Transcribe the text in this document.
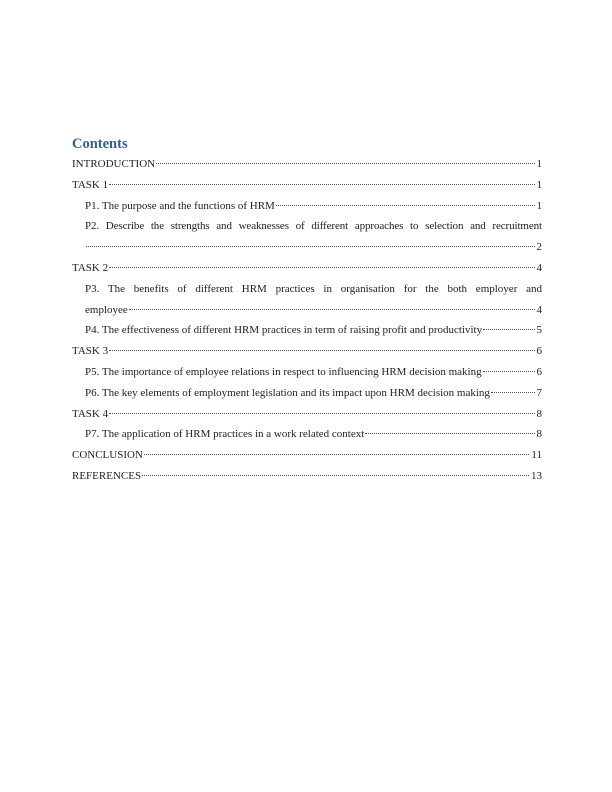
Contents
INTRODUCTION	1
TASK 1	1
P1. The purpose and the functions of HRM	1
P2. Describe the strengths and weaknesses of different approaches to selection and recruitment
2
TASK 2	4
P3. The benefits of different HRM practices in organisation for the both employer and
employee	4
P4. The effectiveness of different HRM practices in term of raising profit and productivity	5
TASK 3	6
P5. The importance of employee relations in respect to influencing HRM decision making	6
P6. The key elements of employment legislation and its impact upon HRM decision making	7
TASK 4	8
P7. The application of HRM practices in a work related context	8
CONCLUSION	11
REFERENCES	13
